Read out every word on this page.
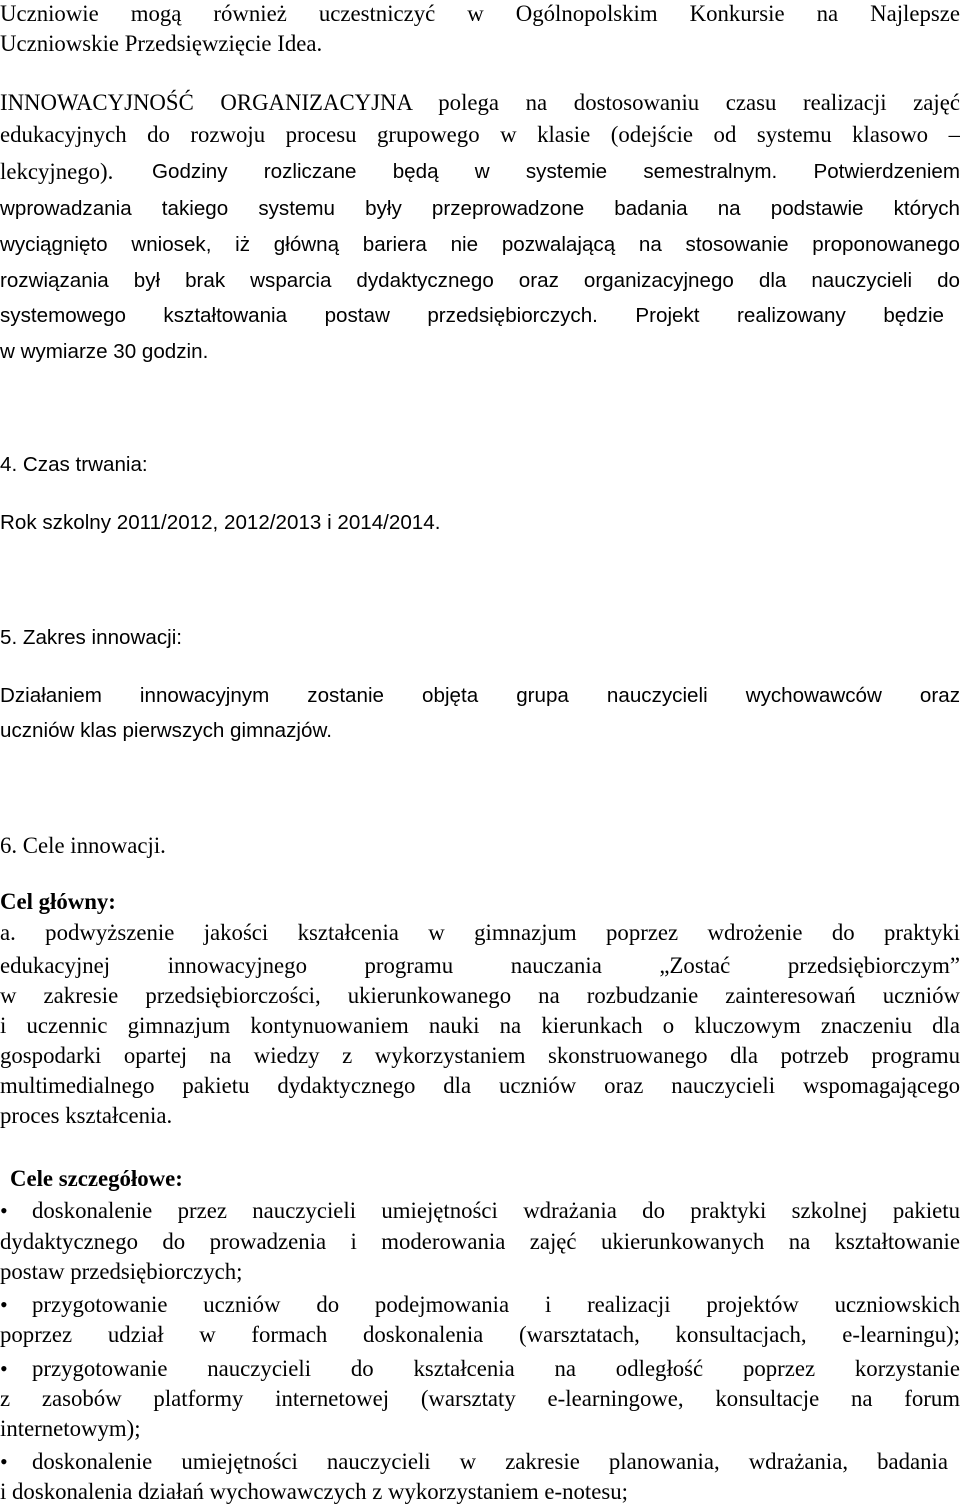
Uczniowie mogą również uczestniczyć w Ogólnopolskim Konkursie na Najlepsze
Uczniowskie Przedsięwzięcie Idea.
INNOWACYJNOŚĆ ORGANIZACYJNA polega na dostosowaniu czasu realizacji zajęć
edukacyjnych do rozwoju procesu grupowego w klasie (odejście od systemu klasowo –
lekcyjnego). Godziny rozliczane będą w systemie semestralnym. Potwierdzeniem
wprowadzania takiego systemu były przeprowadzone badania na podstawie których
wyciągnięto wniosek, iż główną bariera nie pozwalającą na stosowanie proponowanego
rozwiązania był brak wsparcia dydaktycznego oraz organizacyjnego dla nauczycieli do
systemowego kształtowania postaw przedsiębiorczych. Projekt realizowany będzie
w wymiarze 30 godzin.
4. Czas trwania:
Rok szkolny 2011/2012, 2012/2013 i 2014/2014.
5. Zakres innowacji:
Działaniem innowacyjnym zostanie objęta grupa nauczycieli wychowawców oraz
uczniów klas pierwszych gimnazjów.
6. Cele innowacji.
Cel główny:
a. podwyższenie jakości kształcenia w gimnazjum poprzez wdrożenie do praktyki
edukacyjnej innowacyjnego programu nauczania „Zostać przedsiębiorczym”
w zakresie przedsiębiorczości, ukierunkowanego na rozbudzanie zainteresowań uczniów
i uczennic gimnazjum kontynuowaniem nauki na kierunkach o kluczowym znaczeniu dla
gospodarki opartej na wiedzy z wykorzystaniem skonstruowanego dla potrzeb programu
multimedialnego pakietu dydaktycznego dla uczniów oraz nauczycieli wspomagającego
proces kształcenia.
Cele szczegółowe:
• doskonalenie przez nauczycieli umiejętności wdrażania do praktyki szkolnej pakietu
dydaktycznego do prowadzenia i moderowania zajęć ukierunkowanych na kształtowanie
postaw przedsiębiorczych;
• przygotowanie uczniów do podejmowania i realizacji projektów uczniowskich
poprzez udział w formach doskonalenia (warsztatach, konsultacjach, e-learningu);
• przygotowanie nauczycieli do kształcenia na odległość poprzez korzystanie
z zasobów platformy internetowej (warsztaty e-learningowe, konsultacje na forum
internetowym);
• doskonalenie umiejętności nauczycieli w zakresie planowania, wdrażania, badania
i doskonalenia działań wychowawczych z wykorzystaniem e-notesu;
